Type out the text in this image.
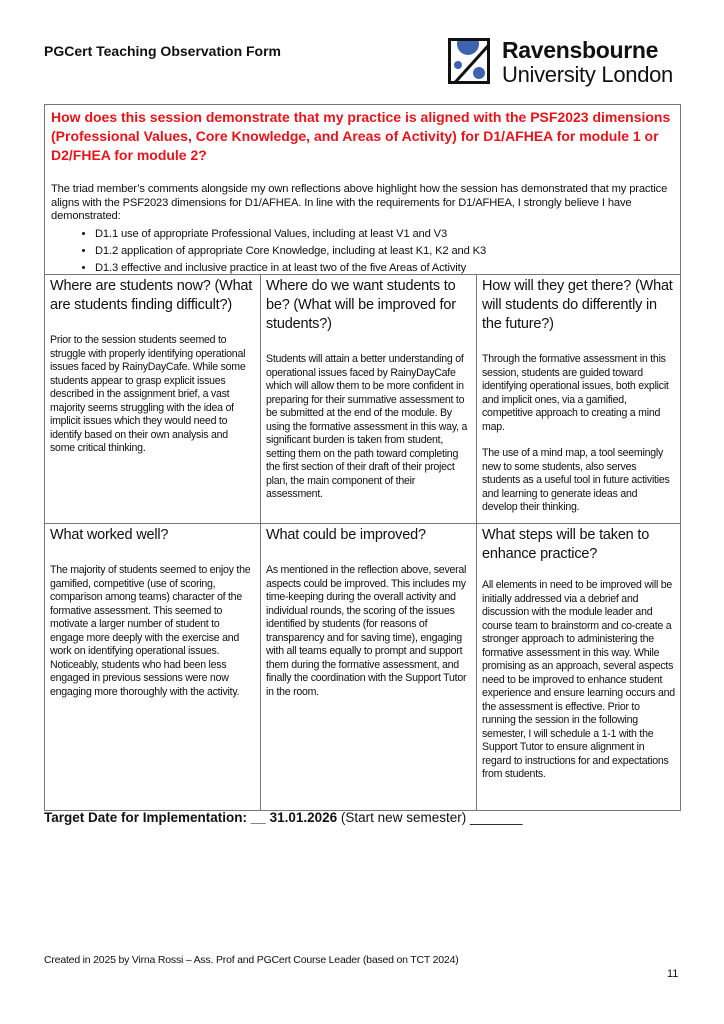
PGCert Teaching Observation Form	Ravensbourne
University London
How does this session demonstrate that my practice is aligned with the PSF2023 dimensions (Professional Values, Core Knowledge, and Areas of Activity) for D1/AFHEA for module 1 or D2/FHEA for module 2?
The triad member’s comments alongside my own reflections above highlight how the session has demonstrated that my practice aligns with the PSF2023 dimensions for D1/AFHEA. In line with the requirements for D1/AFHEA, I strongly believe I have demonstrated:
• D1.1 use of appropriate Professional Values, including at least V1 and V3
• D1.2 application of appropriate Core Knowledge, including at least K1, K2 and K3
• D1.3 effective and inclusive practice in at least two of the five Areas of Activity
Where are students now? (What are students finding difficult?)

Prior to the session students seemed to struggle with properly identifying operational issues faced by RainyDayCafe. While some students appear to grasp explicit issues described in the assignment brief, a vast majority seems struggling with the idea of implicit issues which they would need to identify based on their own analysis and some critical thinking.

Where do we want students to be? (What will be improved for students?)

Students will attain a better understanding of operational issues faced by RainyDayCafe which will allow them to be more confident in preparing for their summative assessment to be submitted at the end of the module. By using the formative assessment in this way, a significant burden is taken from student, setting them on the path toward completing the first section of their draft of their project plan, the main component of their assessment.

How will they get there? (What will students do differently in the future?)

Through the formative assessment in this session, students are guided toward identifying operational issues, both explicit and implicit ones, via a gamified, competitive approach to creating a mind map.

The use of a mind map, a tool seemingly new to some students, also serves students as a useful tool in future activities and learning to generate ideas and develop their thinking.

What worked well?

The majority of students seemed to enjoy the gamified, competitive (use of scoring, comparison among teams) character of the formative assessment. This seemed to motivate a larger number of student to engage more deeply with the exercise and work on identifying operational issues. Noticeably, students who had been less engaged in previous sessions were now engaging more thoroughly with the activity.

What could be improved?

As mentioned in the reflection above, several aspects could be improved. This includes my time-keeping during the overall activity and individual rounds, the scoring of the issues identified by students (for reasons of transparency and for saving time), engaging with all teams equally to prompt and support them during the formative assessment, and finally the coordination with the Support Tutor in the room.

What steps will be taken to enhance practice?

All elements in need to be improved will be initially addressed via a debrief and discussion with the module leader and course team to brainstorm and co-create a stronger approach to administering the formative assessment in this way. While promising as an approach, several aspects need to be improved to enhance student experience and ensure learning occurs and the assessment is effective. Prior to running the session in the following semester, I will schedule a 1-1 with the Support Tutor to ensure alignment in regard to instructions for and expectations from students.

Target Date for Implementation: __ 31.01.2026 (Start new semester) _______
Created in 2025 by Virna Rossi – Ass. Prof and PGCert Course Leader (based on TCT 2024)
11
